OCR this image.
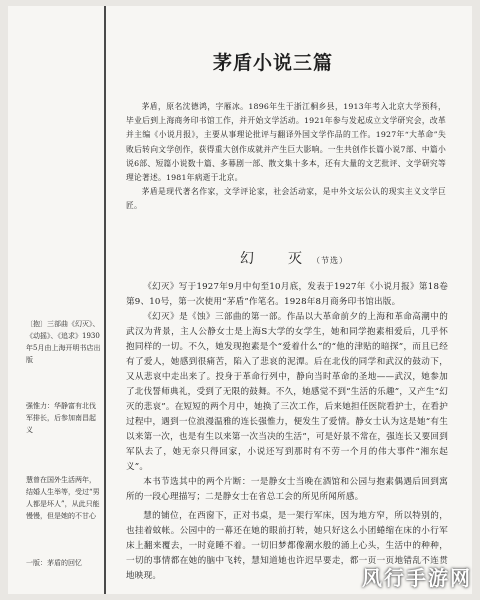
茅盾小说三篇

茅盾，原名沈德鸿，字雁冰。1896年生于浙江桐乡县，1913年考入北京大学预科，毕业后到上海商务印书馆工作，并开始文学活动。1921年参与发起成立文学研究会，改革并主编《小说月报》，主要从事理论批评与翻译外国文学作品的工作。1927年“大革命”失败后转向文学创作，获得重大创作成就并产生巨大影响。一生共创作长篇小说7部、中篇小说6部、短篇小说数十篇、多幕剧一部、散文集十多本，还有大量的文艺批评、文学研究等理论著述。1981年病逝于北京。

茅盾是现代著名作家，文学评论家，社会活动家，是中外文坛公认的现实主义文学巨匠。

幻　灭（节选）

《幻灭》写于1927年9月中旬至10月底，发表于1927年《小说月报》第18卷第9、10号，第一次使用“茅盾”作笔名。1928年8月商务印书馆出版。

《幻灭》是《蚀》三部曲的第一部。作品以大革命前夕的上海和革命高潮中的武汉为背景，主人公静女士是上海S大学的女学生，她和同学抱素相爱后，几乎怀抱同样的一切。不久，她发现抱素是个“爱着什么”的“他的津贴的暗探”，而且已经有了爱人，她感到很痛苦，陷入了悲哀的泥潭。后在北伐的同学和武汉的鼓动下，又从悲哀中走出来了。投身于革命行列中，静向当时革命的圣地——武汉，她参加了北伐誓师典礼，受到了无限的鼓舞。不久，她感觉不到“生活的乐趣”，又产生“幻灭的悲哀”。在短短的两个月中，她换了三次工作，后来她担任医院看护士，在看护过程中，遇到一位浪漫温雅的连长强惟力，便发生了爱情。静女士认为这是她“有生以来第一次，也是有生以来第一次当决的生活”，可是好景不常在，强连长又要回到军队去了，她无奈只得回家，小说还写到那时有不劳一个月的伟大事件“湘东起义”。

本书节选其中的两个片断：一是静女士当晚在酒馆和公园与抱素偶遇后回到寓所的一段心理描写；二是静女士在省总工会的所见所闻所感。

慧的铺位，在西窗下，正对书桌，是一架行军床，因为地方窄，所以特别的，也挂着蚊帐。公园中的一幕还在她的眼前打转，她只好这么小团蜷缩在床的小行军床上翻来覆去，一时竟睡不着。一切旧梦都像潮水般的涌上心头，生活中的种种，一切的事情都在她的脑中飞转，慧知道她也许迟早要走，都一页一页地错乱不连贯地映现。

〔抱〕三部曲《幻灭》、《动摇》、《追求》1930年5月由上海开明书店出版
强惟力：华静富有北伐军排长，后参加南昌起义
慧曾在国外生活两年，结婚人生举等，受过“男人都是坏人”，从此只能慢慢，但是她的不甘心
一版：茅盾的回忆
风行手游网
